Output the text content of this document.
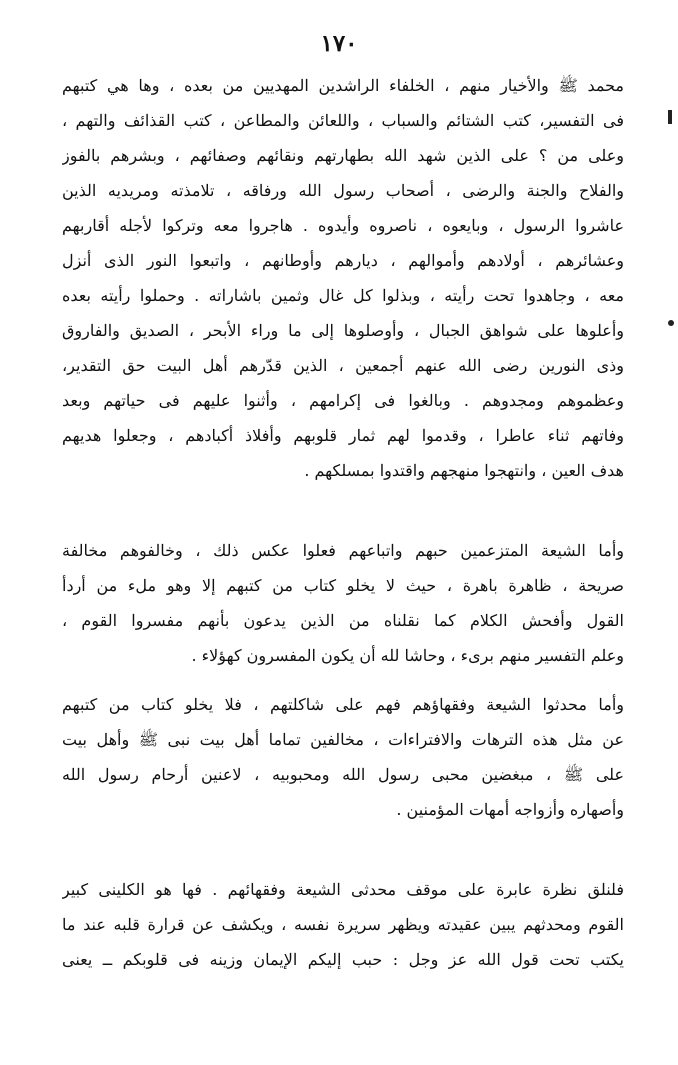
١٧٠
محمد ﷺ والأخيار منهم ، الخلفاء الراشدين المهديين من بعده ، وها هي كتبهم
فى التفسير، كتب الشتائم والسباب ، واللعائن والمطاعن ، كتب القذائف والتهم ،
وعلى من ؟ على الذين شهد الله بطهارتهم ونقائهم وصفائهم ، وبشرهم بالفوز
والفلاح والجنة والرضى ، أصحاب رسول الله ورفاقه ، تلامذته ومريديه الذين
عاشروا الرسول ، وبايعوه ، ناصروه وأيدوه . هاجروا معه وتركوا لأجله أقاربهم
وعشائرهم ، أولادهم وأموالهم ، ديارهم وأوطانهم ، واتبعوا النور الذى أنزل
معه ، وجاهدوا تحت رأيته ، وبذلوا كل غال وثمين باشاراته . وحملوا رأيته بعده
وأعلوها على شواهق الجبال ، وأوصلوها إلى ما وراء الأبحر ، الصديق والفاروق
وذى النورين رضى الله عنهم أجمعين ، الذين قدّرهم أهل البيت حق التقدير،
وعظموهم ومجدوهم . وبالغوا فى إكرامهم ، وأثنوا عليهم فى حياتهم وبعد
وفاتهم ثناء عاطرا ، وقدموا لهم ثمار قلوبهم وأفلاذ أكبادهم ، وجعلوا هديهم
هدف العين ، وانتهجوا منهجهم واقتدوا بمسلكهم .
وأما الشيعة المتزعمين حبهم واتباعهم فعلوا عكس ذلك ، وخالفوهم مخالفة
صريحة ، ظاهرة باهرة ، حيث لا يخلو كتاب من كتبهم إلا وهو ملء من أردأ
القول وأفحش الكلام كما نقلناه من الذين يدعون بأنهم مفسروا القوم ،
وعلم التفسير منهم برىء ، وحاشا لله أن يكون المفسرون كهؤلاء .
وأما محدثوا الشيعة وفقهاؤهم فهم على شاكلتهم ، فلا يخلو كتاب من كتبهم
عن مثل هذه الترهات والافتراءات ، مخالفين تماما أهل بيت نبى ﷺ وأهل بيت
على ﷺ ، مبغضين محبى رسول الله ومحبوبيه ، لاعنين أرحام رسول الله
وأصهاره وأزواجه أمهات المؤمنين .
فلنلق نظرة عابرة على موقف محدثى الشيعة وفقهائهم . فها هو الكلينى كبير
القوم ومحدثهم يبين عقيدته ويظهر سريرة نفسه ، ويكشف عن قرارة قلبه عند ما
يكتب تحت قول الله عز وجل : حبب إليكم الإيمان وزينه فى قلوبكم ــ يعنى
